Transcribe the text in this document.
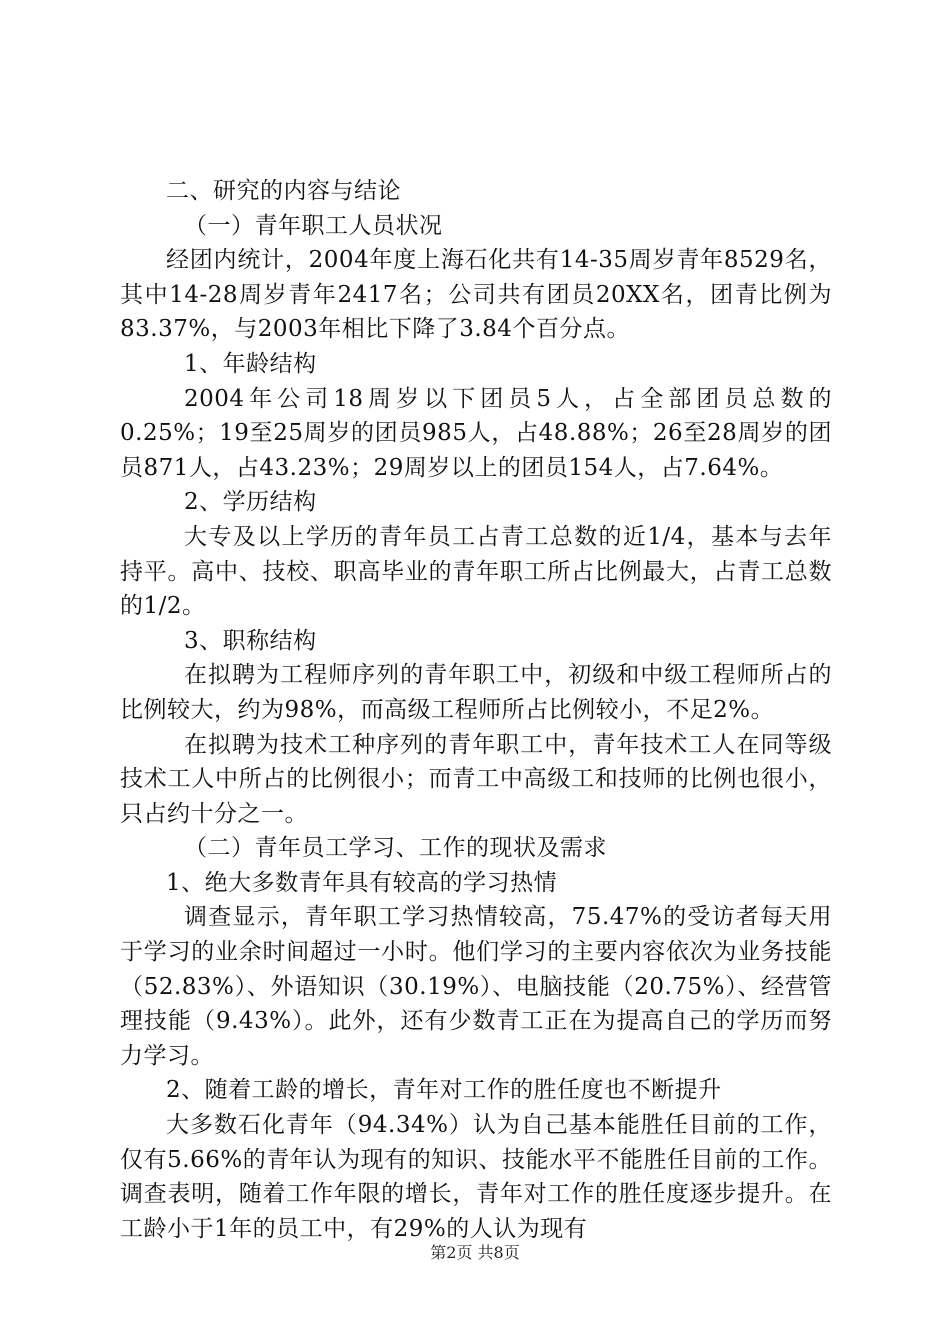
二、研究的内容与结论

（一）青年职工人员状况

经团内统计，2004年度上海石化共有14-35周岁青年8529名，其中14-28周岁青年2417名；公司共有团员20XX名，团青比例为83.37%，与2003年相比下降了3.84个百分点。

1、年龄结构

2004年公司18周岁以下团员5人，占全部团员总数的0.25%；19至25周岁的团员985人，占48.88%；26至28周岁的团员871人，占43.23%；29周岁以上的团员154人，占7.64%。

2、学历结构

大专及以上学历的青年员工占青工总数的近1/4，基本与去年持平。高中、技校、职高毕业的青年职工所占比例最大，占青工总数的1/2。

3、职称结构

在拟聘为工程师序列的青年职工中，初级和中级工程师所占的比例较大，约为98%，而高级工程师所占比例较小，不足2%。

在拟聘为技术工种序列的青年职工中，青年技术工人在同等级技术工人中所占的比例很小；而青工中高级工和技师的比例也很小，只占约十分之一。

（二）青年员工学习、工作的现状及需求

1、绝大多数青年具有较高的学习热情

调查显示，青年职工学习热情较高，75.47%的受访者每天用于学习的业余时间超过一小时。他们学习的主要内容依次为业务技能（52.83%）、外语知识（30.19%）、电脑技能（20.75%）、经营管理技能（9.43%）。此外，还有少数青工正在为提高自己的学历而努力学习。

2、随着工龄的增长，青年对工作的胜任度也不断提升

大多数石化青年（94.34%）认为自己基本能胜任目前的工作，仅有5.66%的青年认为现有的知识、技能水平不能胜任目前的工作。调查表明，随着工作年限的增长，青年对工作的胜任度逐步提升。在工龄小于1年的员工中，有29%的人认为现有

第2页 共8页
